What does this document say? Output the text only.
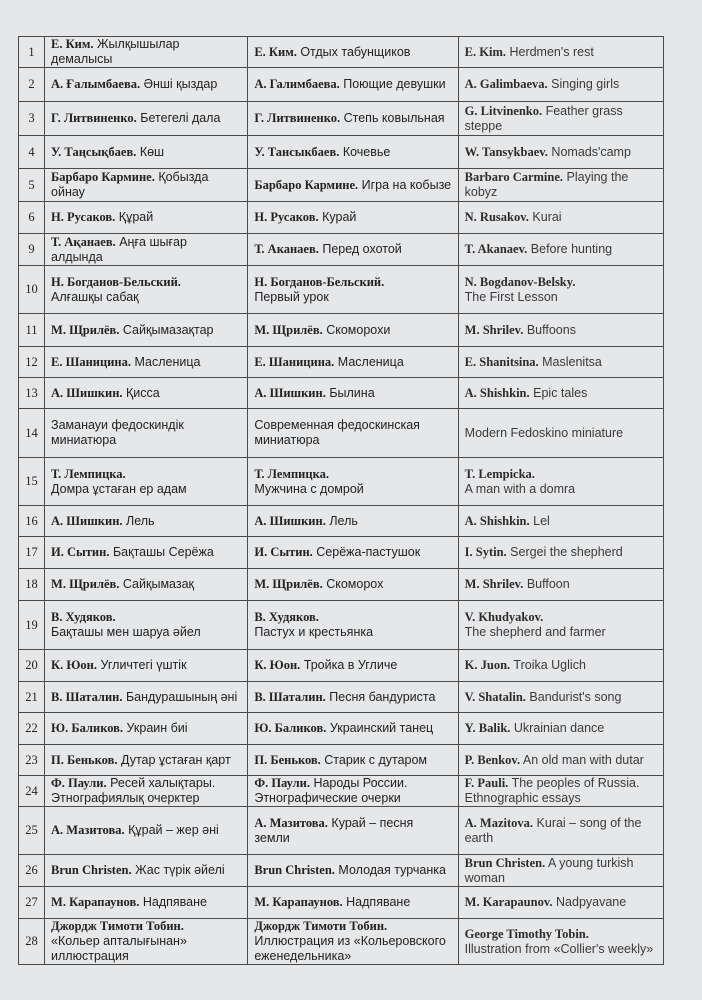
1	Е. Ким. Жылқышылар демалысы	Е. Ким. Отдых табунщиков	E. Kim. Herdmen's rest
2	А. Ғалымбаева. Әнші қыздар	А. Галимбаева. Поющие девушки	A. Galimbaeva. Singing girls
3	Г. Литвиненко. Бетегелі дала	Г. Литвиненко. Степь ковыльная	G. Litvinenko. Feather grass steppe
4	У. Таңсықбаев. Көш	У. Тансыкбаев. Кочевье	W. Tansykbaev. Nomads'camp
5	Барбаро Кармине. Қобызда ойнау	Барбаро Кармине. Игра на кобызе	Barbaro Carmine. Playing the kobyz
6	Н. Русаков. Құрай	Н. Русаков. Курай	N. Rusakov. Kurai
9	Т. Ақанаев. Аңға шығар алдында	Т. Аканаев. Перед охотой	T. Akanaev. Before hunting
10	Н. Богданов-Бельский.
Алғашқы сабақ	Н. Богданов-Бельский.
Первый урок	N. Bogdanov-Belsky.
The First Lesson

11	М. Щрилёв. Сайқымазақтар	М. Щрилёв. Скоморохи	M. Shrilev. Buffoons
12	Е. Шаницина. Масленица	Е. Шаницина. Масленица	E. Shanitsina. Maslenitsa
13	А. Шишкин. Қисса	А. Шишкин. Былина	A. Shishkin. Epic tales
14	Заманауи федоскиндік миниатюра	Современная федоскинская миниатюра	Modern Fedoskino miniature
15	Т. Лемпицка.
Домра ұстаған ер адам	Т. Лемпицка.
Мужчина с домрой	T. Lempicka.
A man with a domra

16	А. Шишкин. Лель	А. Шишкин. Лель	A. Shishkin. Lel
17	И. Сытин. Бақташы Серёжа	И. Сытин. Серёжа-пастушок	I. Sytin. Sergei the shepherd
18	М. Щрилёв. Сайқымазақ	М. Щрилёв. Скоморох	M. Shrilev. Buffoon
19	В. Худяков.
Бақташы мен шаруа әйел	В. Худяков.
Пастух и крестьянка	V. Khudyakov.
The shepherd and farmer

20	К. Юон. Угличтегі үштік	К. Юон. Тройка в Угличе	K. Juon. Troika Uglich
21	В. Шаталин. Бандурашының әні	В. Шаталин. Песня бандуриста	V. Shatalin. Bandurist's song
22	Ю. Баликов. Украин биі	Ю. Баликов. Украинский танец	Y. Balik. Ukrainian dance
23	П. Беньков. Дутар ұстаған қарт	П. Беньков. Старик с дутаром	P. Benkov. An old man with dutar
24	Ф. Паули. Ресей халықтары. Этнографиялық очерктер	Ф. Паули. Народы России. Этнографические очерки	F. Pauli. The peoples of Russia. Ethnographic essays
25	А. Мазитова. Құрай – жер әні	А. Мазитова. Курай – песня земли	A. Mazitova. Kurai – song of the earth
26	Brun Christen. Жас түрік әйелі	Brun Christen. Молодая турчанка	Brun Christen. A young turkish woman
27	М. Карапаунов. Надпяване	М. Карапаунов. Надпяване	M. Karapaunov. Nadpyavane
28	Джордж Тимоти Тобин.
«Кольер апталығынан» иллюстрация	Джордж Тимоти Тобин.
Иллюстрация из «Кольеровского еженедельника»	George Timothy Tobin.
Illustration from «Collier's weekly»
